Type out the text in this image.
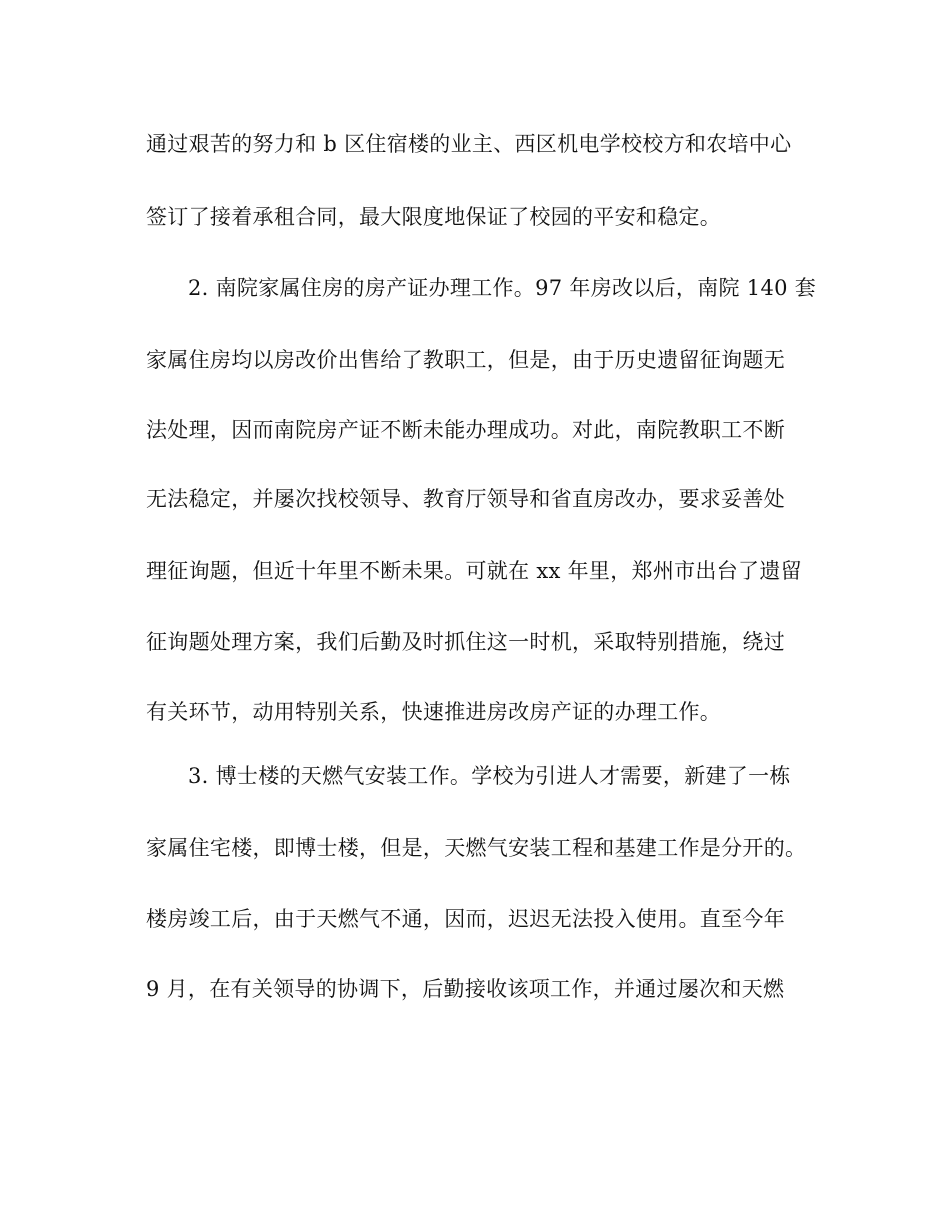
通过艰苦的努力和 b 区住宿楼的业主、西区机电学校校方和农培中心
签订了接着承租合同，最大限度地保证了校园的平安和稳定。
2. 南院家属住房的房产证办理工作。97 年房改以后，南院 140 套
家属住房均以房改价出售给了教职工，但是，由于历史遗留征询题无
法处理，因而南院房产证不断未能办理成功。对此，南院教职工不断
无法稳定，并屡次找校领导、教育厅领导和省直房改办，要求妥善处
理征询题，但近十年里不断未果。可就在 xx 年里，郑州市出台了遗留
征询题处理方案，我们后勤及时抓住这一时机，采取特别措施，绕过
有关环节，动用特别关系，快速推进房改房产证的办理工作。
3. 博士楼的天燃气安装工作。学校为引进人才需要，新建了一栋
家属住宅楼，即博士楼，但是，天燃气安装工程和基建工作是分开的。
楼房竣工后，由于天燃气不通，因而，迟迟无法投入使用。直至今年
9 月，在有关领导的协调下，后勤接收该项工作，并通过屡次和天燃
